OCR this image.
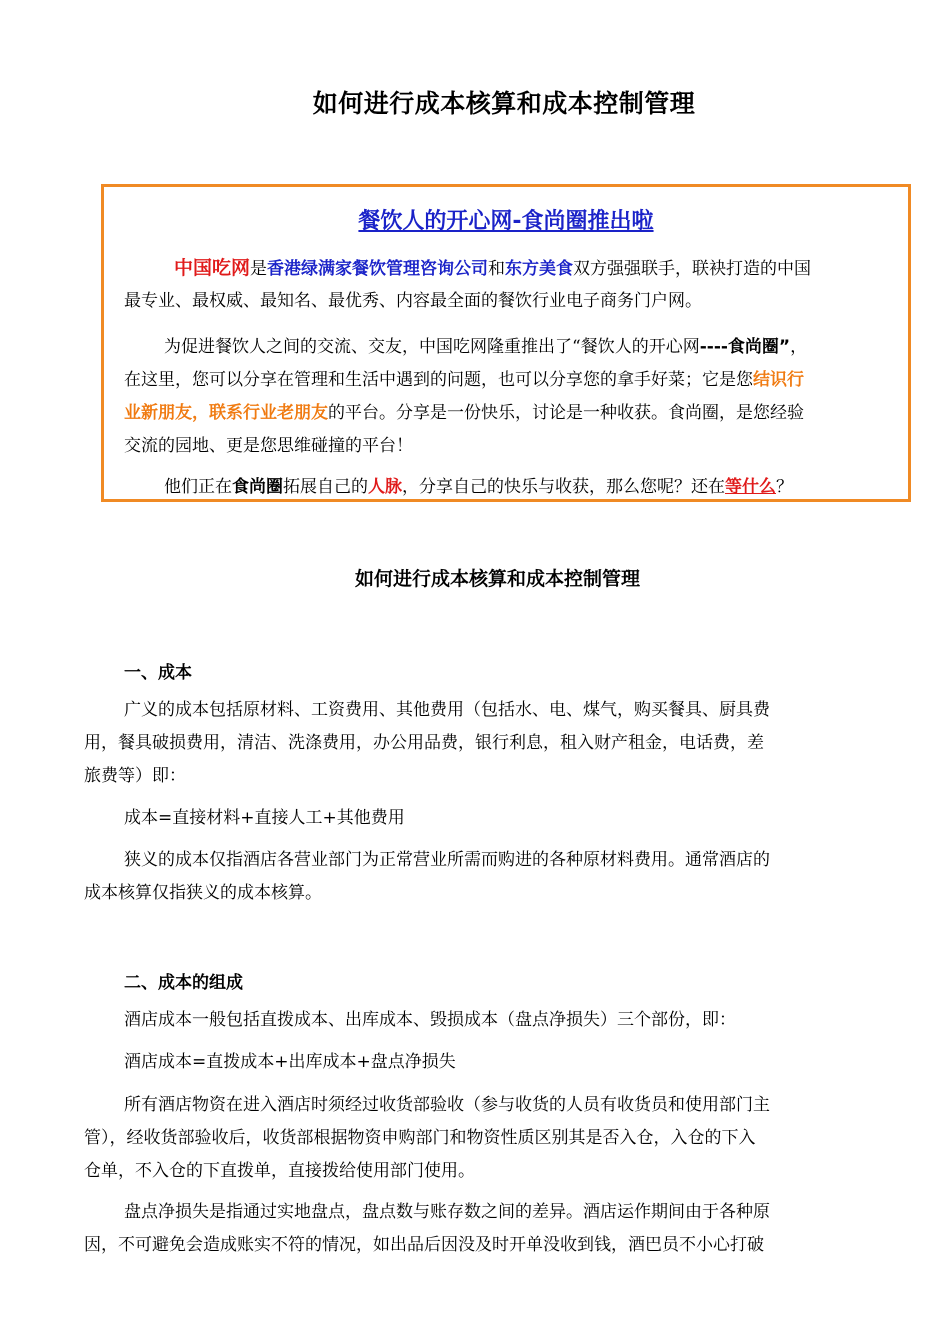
如何进行成本核算和成本控制管理
餐饮人的开心网-食尚圈推出啦
中国吃网是香港绿满家餐饮管理咨询公司和东方美食双方强强联手，联袂打造的中国
最专业、最权威、最知名、最优秀、内容最全面的餐饮行业电子商务门户网。
为促进餐饮人之间的交流、交友，中国吃网隆重推出了“餐饮人的开心网----食尚圈”，
在这里，您可以分享在管理和生活中遇到的问题，也可以分享您的拿手好菜；它是您结识行
业新朋友，联系行业老朋友的平台。分享是一份快乐，讨论是一种收获。食尚圈，是您经验
交流的园地、更是您思维碰撞的平台！
他们正在食尚圈拓展自己的人脉，分享自己的快乐与收获，那么您呢？还在等什么？
如何进行成本核算和成本控制管理
一、成本
广义的成本包括原材料、工资费用、其他费用（包括水、电、煤气，购买餐具、厨具费
用，餐具破损费用，清洁、洗涤费用，办公用品费，银行利息，租入财产租金，电话费，差
旅费等）即：
成本=直接材料+直接人工+其他费用
狭义的成本仅指酒店各营业部门为正常营业所需而购进的各种原材料费用。通常酒店的
成本核算仅指狭义的成本核算。
二、成本的组成
酒店成本一般包括直拨成本、出库成本、毁损成本（盘点净损失）三个部份，即：
酒店成本=直拨成本+出库成本+盘点净损失
所有酒店物资在进入酒店时须经过收货部验收（参与收货的人员有收货员和使用部门主
管），经收货部验收后，收货部根据物资申购部门和物资性质区别其是否入仓，入仓的下入
仓单，不入仓的下直拨单，直接拨给使用部门使用。
盘点净损失是指通过实地盘点，盘点数与账存数之间的差异。酒店运作期间由于各种原
因，不可避免会造成账实不符的情况，如出品后因没及时开单没收到钱，酒巴员不小心打破
